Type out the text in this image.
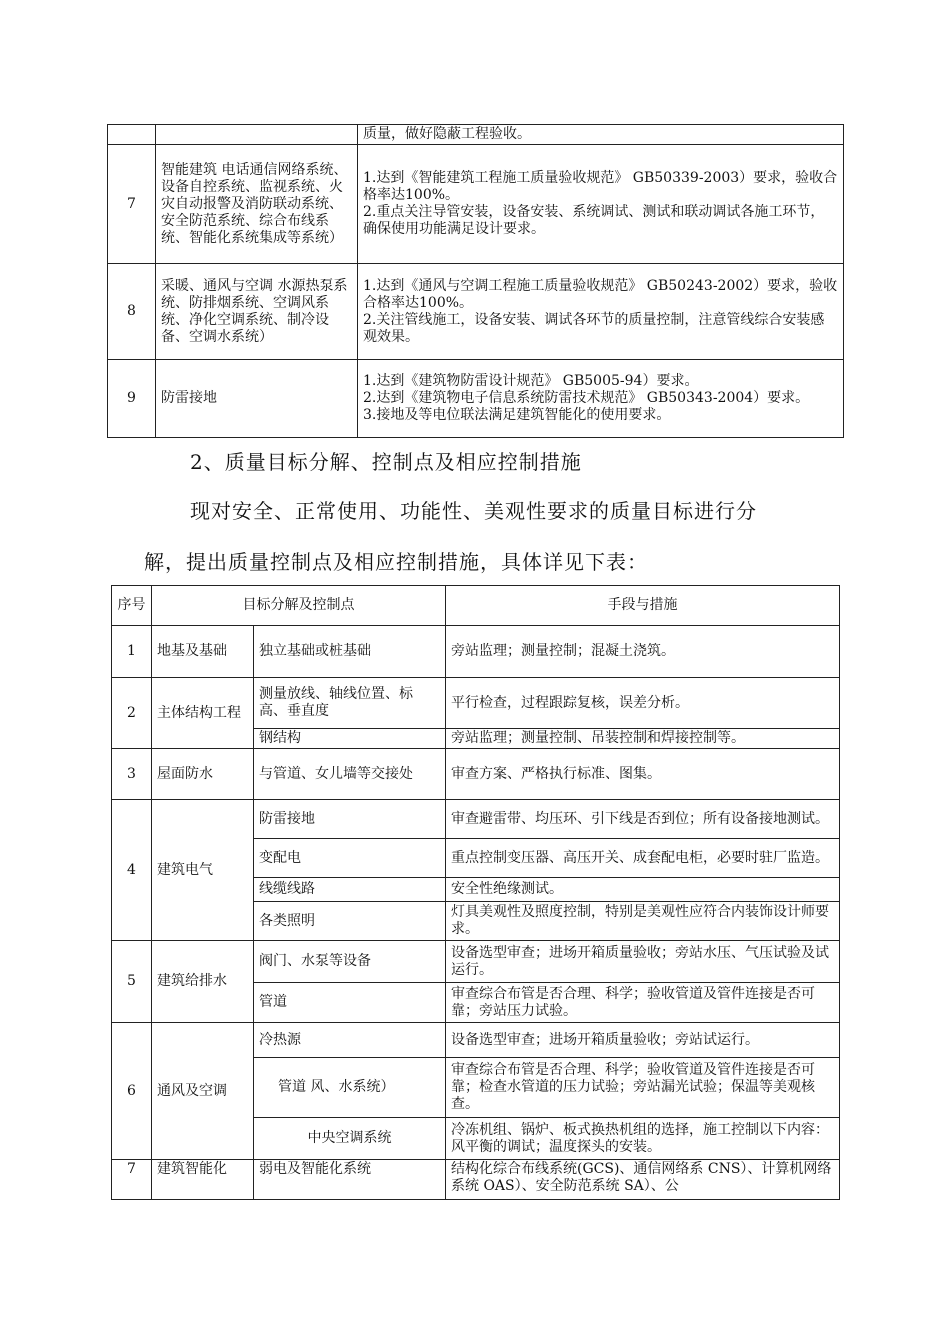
		质量，做好隐蔽工程验收。

7	智能建筑 电话通信网络系统、设备自控系统、监视系统、火灾自动报警及消防联动系统、安全防范系统、综合布线系统、智能化系统集成等系统）	1.达到《智能建筑工程施工质量验收规范》 GB50339-2003）要求，验收合格率达100%。
2.重点关注导管安装，设备安装、系统调试、测试和联动调试各施工环节，确保使用功能满足设计要求。

8	采暖、通风与空调 水源热泵系统、防排烟系统、空调风系统、净化空调系统、制冷设备、空调水系统）	1.达到《通风与空调工程施工质量验收规范》 GB50243-2002）要求，验收合格率达100%。
2.关注管线施工，设备安装、调试各环节的质量控制，注意管线综合安装感观效果。

9	防雷接地	1.达到《建筑物防雷设计规范》 GB5005-94）要求。
2.达到《建筑物电子信息系统防雷技术规范》 GB50343-2004）要求。
3.接地及等电位联法满足建筑智能化的使用要求。
2、质量目标分解、控制点及相应控制措施
现对安全、正常使用、功能性、美观性要求的质量目标进行分
解，提出质量控制点及相应控制措施，具体详见下表：
序号	目标分解及控制点		手段与措施
1	地基及基础	独立基础或桩基础	旁站监理；测量控制；混凝土浇筑。
2	主体结构工程	测量放线、轴线位置、标高、垂直度	平行检查，过程跟踪复核，误差分析。
		钢结构	旁站监理；测量控制、吊装控制和焊接控制等。
3	屋面防水	与管道、女儿墙等交接处	审查方案、严格执行标准、图集。
4	建筑电气	防雷接地	审查避雷带、均压环、引下线是否到位；所有设备接地测试。
		变配电	重点控制变压器、高压开关、成套配电柜，必要时驻厂监造。
		线缆线路	安全性绝缘测试。
		各类照明	灯具美观性及照度控制，特别是美观性应符合内装饰设计师要求。
5	建筑给排水	阀门、水泵等设备	设备选型审查；进场开箱质量验收；旁站水压、气压试验及试运行。
		管道	审查综合布管是否合理、科学；验收管道及管件连接是否可靠；旁站压力试验。
6	通风及空调	冷热源	设备选型审查；进场开箱质量验收；旁站试运行。
		管道 风、水系统）	审查综合布管是否合理、科学；验收管道及管件连接是否可靠；检查水管道的压力试验；旁站漏光试验；保温等美观核查。
		中央空调系统	冷冻机组、锅炉、板式换热机组的选择，施工控制以下内容：风平衡的调试；温度探头的安装。
7	建筑智能化	弱电及智能化系统	结构化综合布线系统(GCS)、通信网络系 CNS）、计算机网络系统 OAS）、安全防范系统 SA）、公
